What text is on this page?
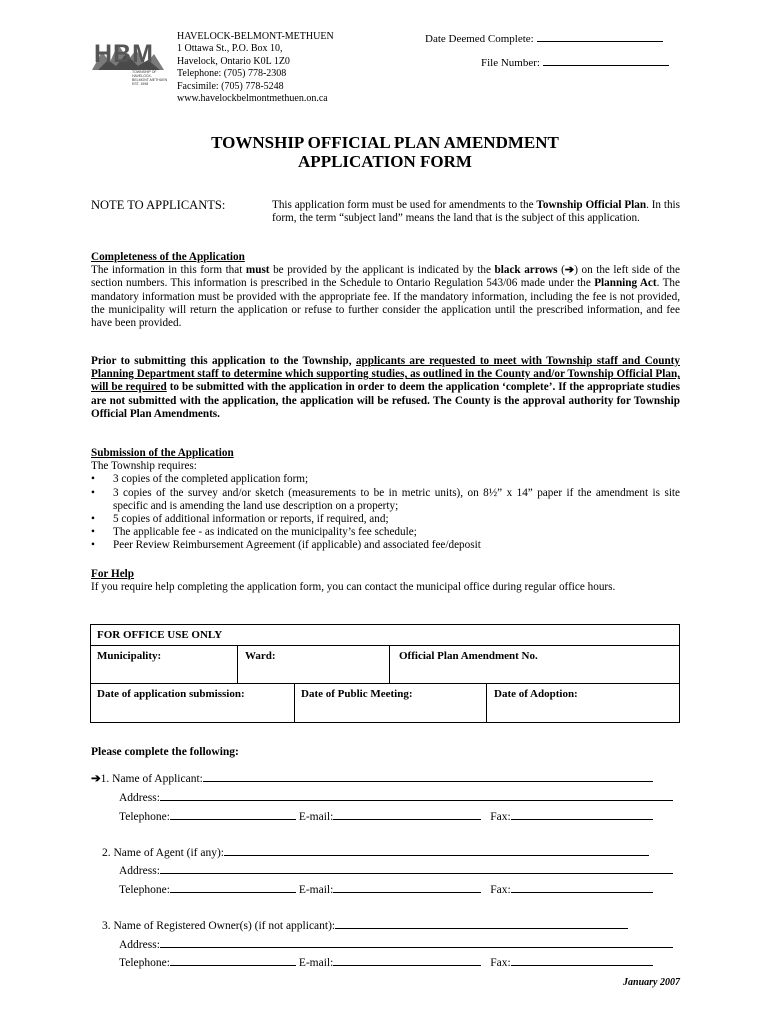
HBM
TOWNSHIP OF HAVELOCK-BELMONT-METHUEN EST. 1998
HAVELOCK-BELMONT-METHUEN
1 Ottawa St., P.O. Box 10,
Havelock, Ontario K0L 1Z0
Telephone: (705) 778-2308
Facsimile: (705) 778-5248
www.havelockbelmontmethuen.on.ca
Date Deemed Complete:
File Number:
TOWNSHIP OFFICIAL PLAN AMENDMENT
APPLICATION FORM
NOTE TO APPLICANTS:	This application form must be used for amendments to the Township Official Plan. In this form, the term “subject land” means the land that is the subject of this application.
Completeness of the Application
The information in this form that must be provided by the applicant is indicated by the black arrows (➔) on the left side of the section numbers. This information is prescribed in the Schedule to Ontario Regulation 543/06 made under the Planning Act. The mandatory information must be provided with the appropriate fee. If the mandatory information, including the fee is not provided, the municipality will return the application or refuse to further consider the application until the prescribed information, and fee have been provided.
Prior to submitting this application to the Township, applicants are requested to meet with Township staff and County Planning Department staff to determine which supporting studies, as outlined in the County and/or Township Official Plan, will be required to be submitted with the application in order to deem the application ‘complete’. If the appropriate studies are not submitted with the application, the application will be refused. The County is the approval authority for Township Official Plan Amendments.
Submission of the Application
The Township requires:
• 3 copies of the completed application form;
• 3 copies of the survey and/or sketch (measurements to be in metric units), on 8½” x 14” paper if the amendment is site specific and is amending the land use description on a property;
• 5 copies of additional information or reports, if required, and;
• The applicable fee - as indicated on the municipality’s fee schedule;
• Peer Review Reimbursement Agreement (if applicable) and associated fee/deposit
For Help
If you require help completing the application form, you can contact the municipal office during regular office hours.
FOR OFFICE USE ONLY
Municipality:	Ward:	Official Plan Amendment No.
Date of application submission:	Date of Public Meeting:	Date of Adoption:
Please complete the following:
➔1. Name of Applicant:
Address:
Telephone:	E-mail:	Fax:
2. Name of Agent (if any):
Address:
Telephone:	E-mail:	Fax:
3. Name of Registered Owner(s) (if not applicant):
Address:
Telephone:	E-mail:	Fax:
January 2007
